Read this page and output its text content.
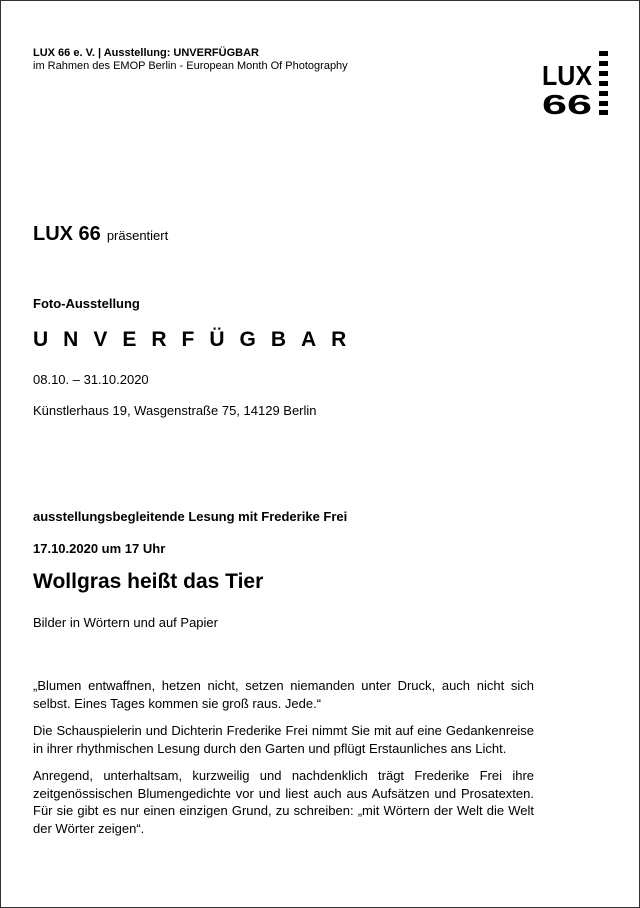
LUX 66 e. V. | Ausstellung: UNVERFÜGBAR
im Rahmen des EMOP Berlin - European Month Of Photography	LUX
66
LUX 66 präsentiert
Foto-Ausstellung
UNVERFÜGBAR
08.10. – 31.10.2020
Künstlerhaus 19, Wasgenstraße 75, 14129 Berlin
ausstellungsbegleitende Lesung mit Frederike Frei
17.10.2020 um 17 Uhr
Wollgras heißt das Tier
Bilder in Wörtern und auf Papier

„Blumen entwaffnen, hetzen nicht, setzen niemanden unter Druck, auch nicht sich selbst. Eines Tages kommen sie groß raus. Jede.“

Die Schauspielerin und Dichterin Frederike Frei nimmt Sie mit auf eine Gedankenreise in ihrer rhythmischen Lesung durch den Garten und pflügt Erstaunliches ans Licht.

Anregend, unterhaltsam, kurzweilig und nachdenklich trägt Frederike Frei ihre zeitgenössischen Blumengedichte vor und liest auch aus Aufsätzen und Prosatexten. Für sie gibt es nur einen einzigen Grund, zu schreiben: „mit Wörtern der Welt die Welt der Wörter zeigen“.
